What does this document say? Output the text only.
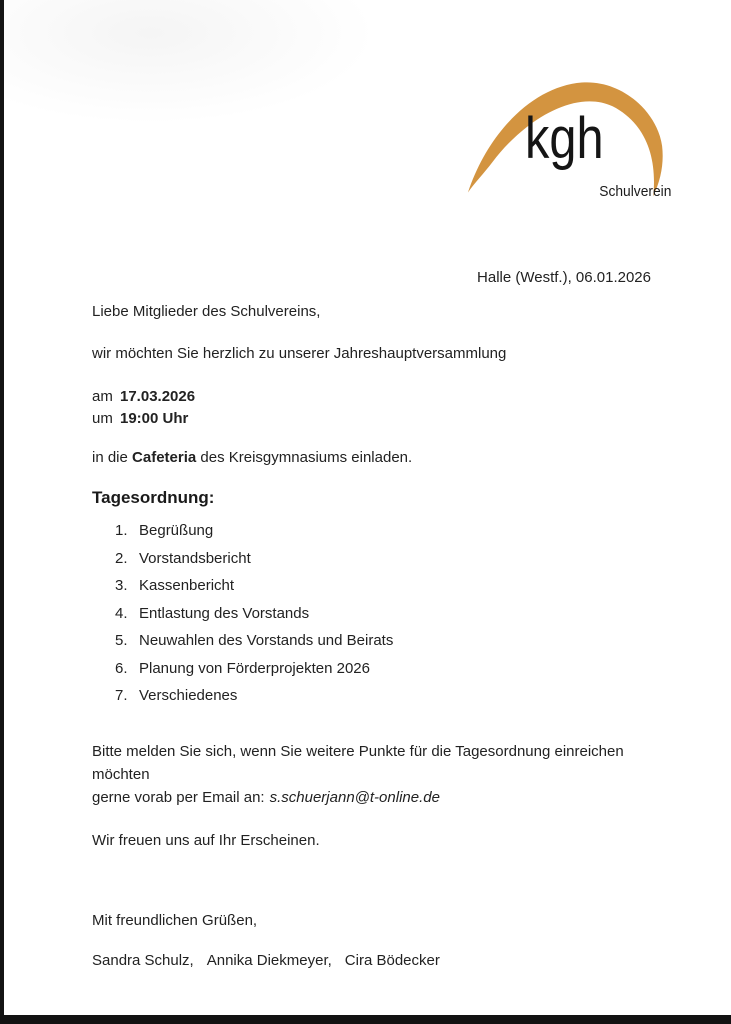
kgh
Schulverein
Halle (Westf.), 06.01.2026
Liebe Mitglieder des Schulvereins,
wir möchten Sie herzlich zu unserer Jahreshauptversammlung
am 17.03.2026
um 19:00 Uhr
in die Cafeteria des Kreisgymnasiums einladen.
Tagesordnung:
1. Begrüßung
2. Vorstandsbericht
3. Kassenbericht
4. Entlastung des Vorstands
5. Neuwahlen des Vorstands und Beirats
6. Planung von Förderprojekten 2026
7. Verschiedenes
Bitte melden Sie sich, wenn Sie weitere Punkte für die Tagesordnung einreichen möchten
gerne vorab per Email an: s.schuerjann@t-online.de
Wir freuen uns auf Ihr Erscheinen.
Mit freundlichen Grüßen,
Sandra Schulz, Annika Diekmeyer, Cira Bödecker
